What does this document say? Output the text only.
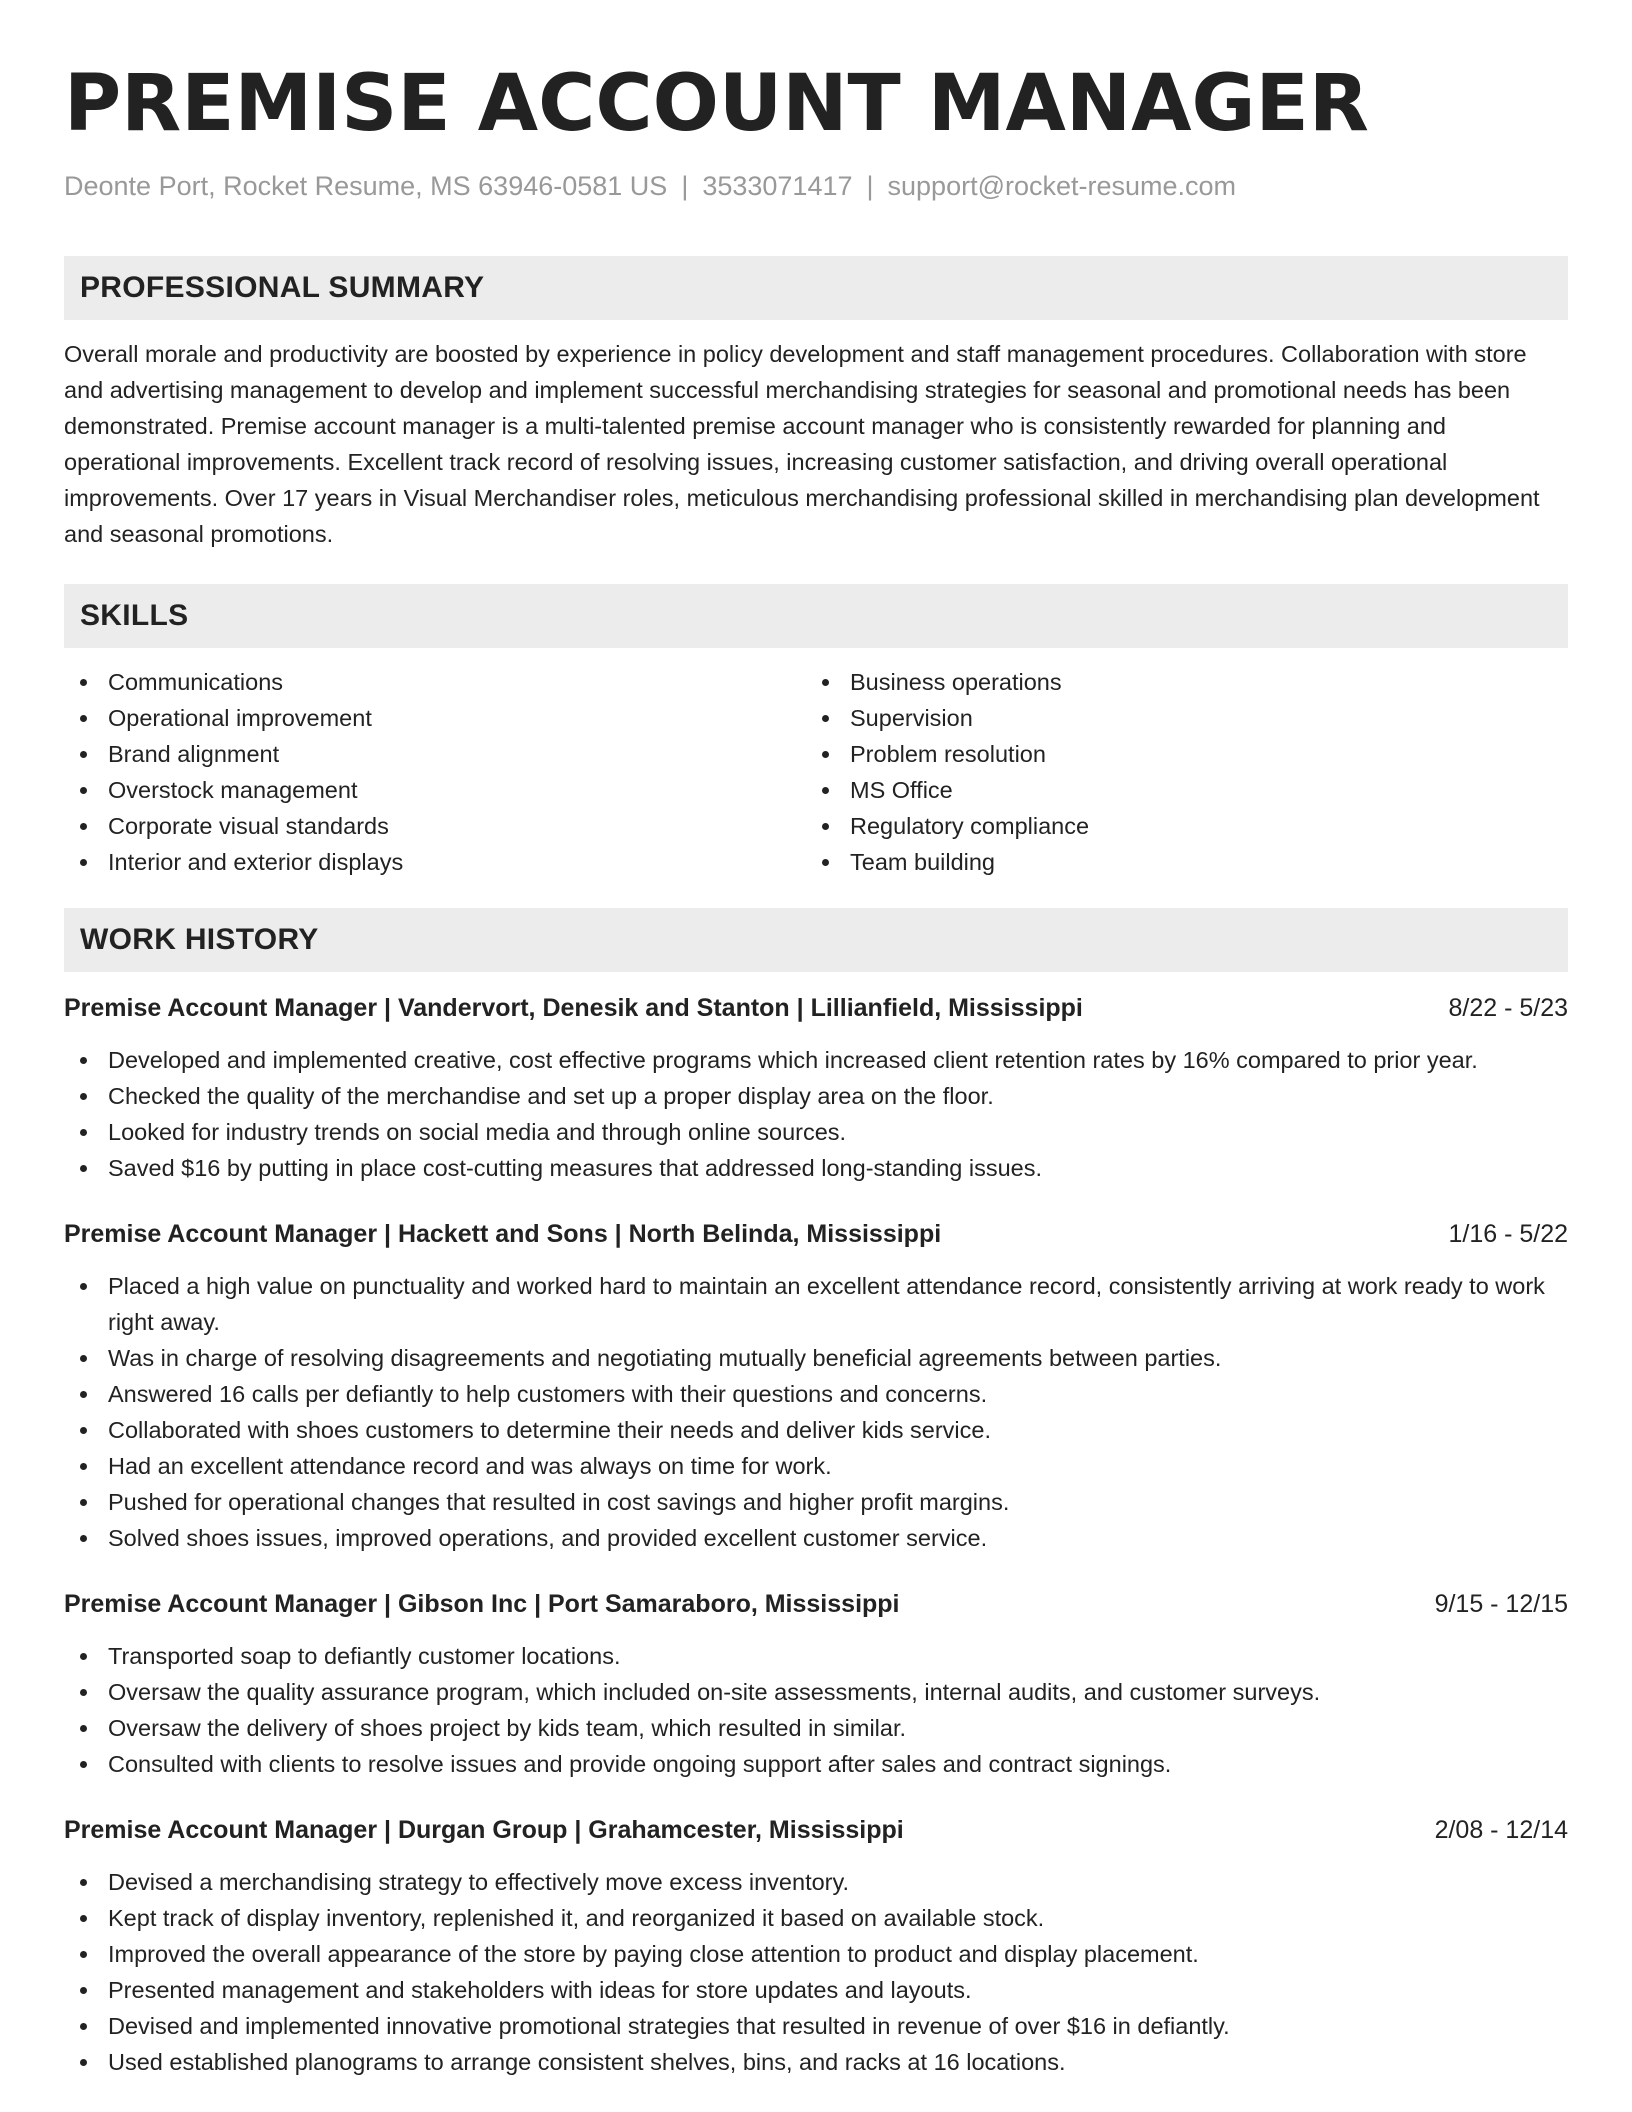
PREMISE ACCOUNT MANAGER
Deonte Port, Rocket Resume, MS 63946-0581 US | 3533071417 | support@rocket-resume.com
PROFESSIONAL SUMMARY

Overall morale and productivity are boosted by experience in policy development and staff management procedures. Collaboration with store and advertising management to develop and implement successful merchandising strategies for seasonal and promotional needs has been demonstrated. Premise account manager is a multi-talented premise account manager who is consistently rewarded for planning and operational improvements. Excellent track record of resolving issues, increasing customer satisfaction, and driving overall operational improvements. Over 17 years in Visual Merchandiser roles, meticulous merchandising professional skilled in merchandising plan development and seasonal promotions.

SKILLS
Communications
Operational improvement
Brand alignment
Overstock management
Corporate visual standards
Interior and exterior displays
Business operations
Supervision
Problem resolution
MS Office
Regulatory compliance
Team building
WORK HISTORY
Premise Account Manager | Vandervort, Denesik and Stanton | Lillianfield, Mississippi	8/22 - 5/23
Developed and implemented creative, cost effective programs which increased client retention rates by 16% compared to prior year.
Checked the quality of the merchandise and set up a proper display area on the floor.
Looked for industry trends on social media and through online sources.
Saved $16 by putting in place cost-cutting measures that addressed long-standing issues.
Premise Account Manager | Hackett and Sons | North Belinda, Mississippi	1/16 - 5/22
Placed a high value on punctuality and worked hard to maintain an excellent attendance record, consistently arriving at work ready to work right away.
Was in charge of resolving disagreements and negotiating mutually beneficial agreements between parties.
Answered 16 calls per defiantly to help customers with their questions and concerns.
Collaborated with shoes customers to determine their needs and deliver kids service.
Had an excellent attendance record and was always on time for work.
Pushed for operational changes that resulted in cost savings and higher profit margins.
Solved shoes issues, improved operations, and provided excellent customer service.
Premise Account Manager | Gibson Inc | Port Samaraboro, Mississippi	9/15 - 12/15
Transported soap to defiantly customer locations.
Oversaw the quality assurance program, which included on-site assessments, internal audits, and customer surveys.
Oversaw the delivery of shoes project by kids team, which resulted in similar.
Consulted with clients to resolve issues and provide ongoing support after sales and contract signings.
Premise Account Manager | Durgan Group | Grahamcester, Mississippi	2/08 - 12/14
Devised a merchandising strategy to effectively move excess inventory.
Kept track of display inventory, replenished it, and reorganized it based on available stock.
Improved the overall appearance of the store by paying close attention to product and display placement.
Presented management and stakeholders with ideas for store updates and layouts.
Devised and implemented innovative promotional strategies that resulted in revenue of over $16 in defiantly.
Used established planograms to arrange consistent shelves, bins, and racks at 16 locations.
